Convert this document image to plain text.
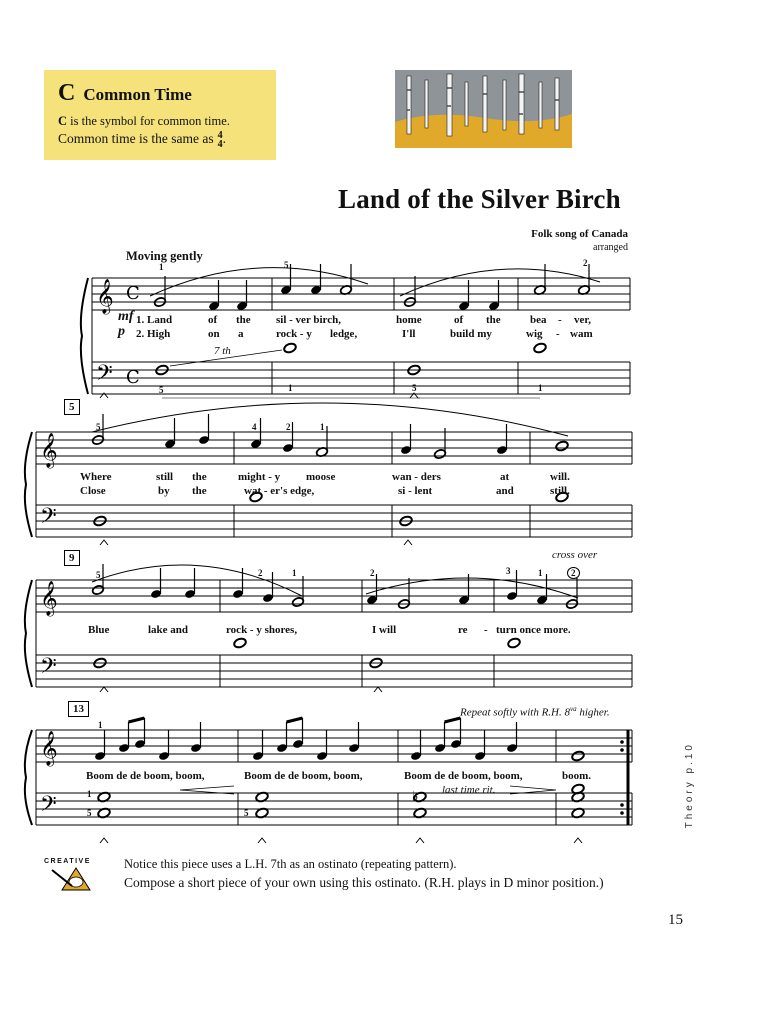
C Common Time
C is the symbol for common time.
Common time is the same as 4
4.
Land of the Silver Birch
Folk song of Canada
arranged
Moving gently
𝄞
𝄢
C
C
𝄞
𝄢
𝄞
𝄢
𝄞
𝄢	♭
mf
p
1. Land	of the sil - ver birch,	home	of the	bea - ver,
2. High	on a	rock - y ledge,	I'll	build my	wig - wam
7 th
1	5	2
5	1	5	1
5
Where	still the	might - y moose	wan - ders	at	will.
Close	by the	wat - er's edge,	si - lent	and	still.
5	4	2	1
9	cross over
Blue	lake and	rock - y shores,	I will	re - turn once more.
5	2	1	2	3	1	2
13	Repeat softly with R.H. $8^{va}$ higher.
Boom de de boom, boom,	Boom de de boom, boom,	Boom de de boom, boom,	boom.
last time rit.
1
1
5	5	Theory p.10
CREATIVE	Notice this piece uses a L.H. 7th as an ostinato (repeating pattern).
Compose a short piece of your own using this ostinato. (R.H. plays in D minor position.)
15
